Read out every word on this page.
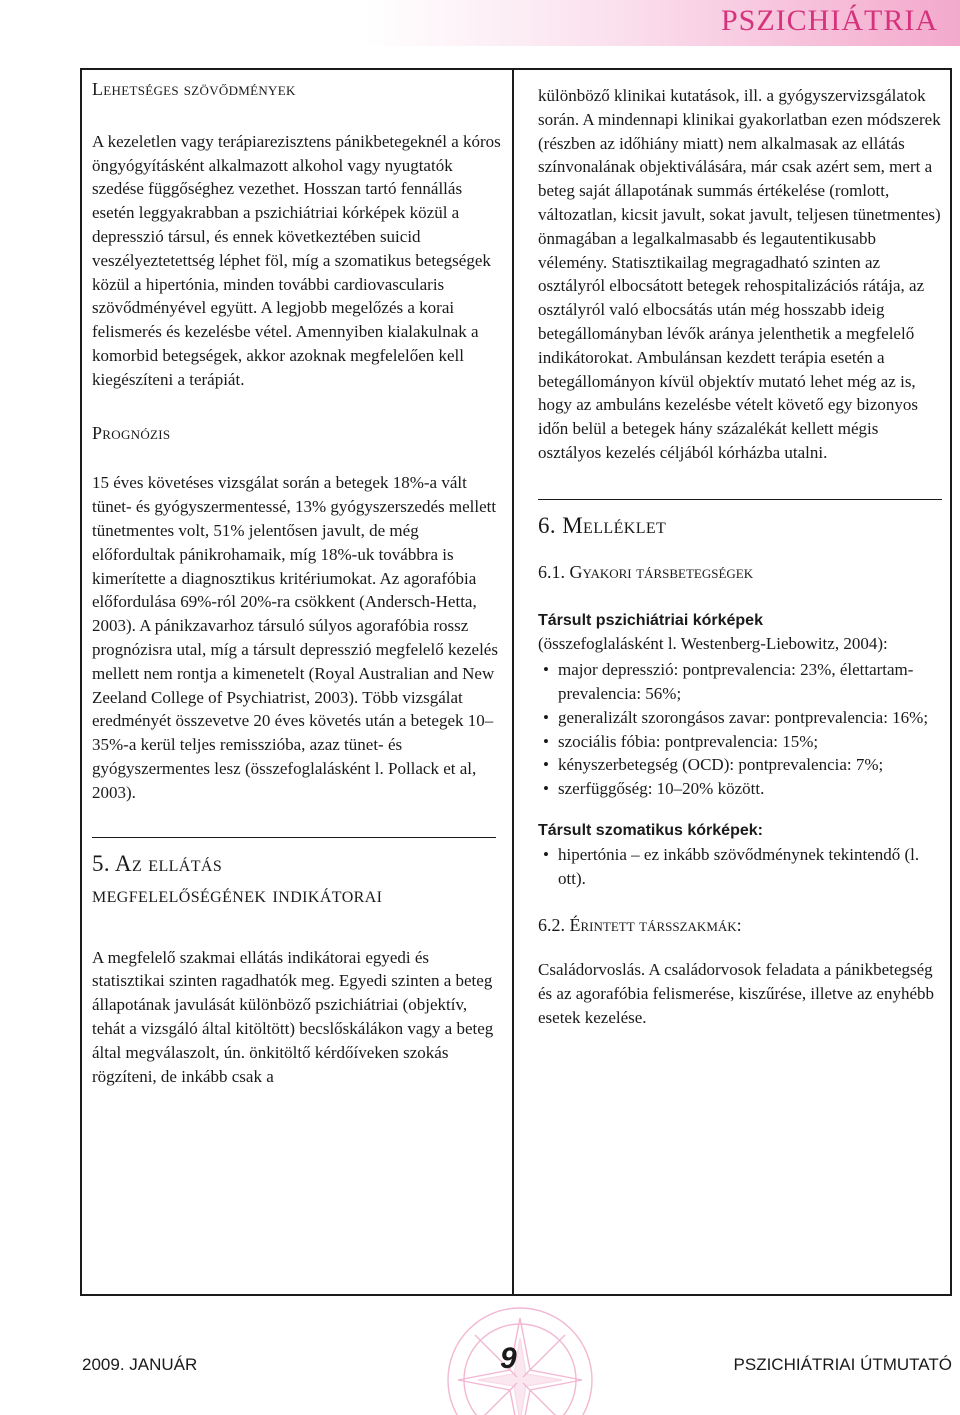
PSZICHIÁTRIA
Lehetséges szövődmények

A kezeletlen vagy terápiarezisztens pánikbetegeknél a kóros öngyógyításként alkalmazott alkohol vagy nyugtatók szedése függőséghez vezethet. Hosszan tartó fennállás esetén leggyakrabban a pszichiátriai kórképek közül a depresszió társul, és ennek következtében suicid veszélyeztetettség léphet föl, míg a szomatikus betegségek közül a hipertónia, minden további cardiovascularis szövődményével együtt. A legjobb megelőzés a korai felismerés és kezelésbe vétel. Amennyiben kialakulnak a komorbid betegségek, akkor azoknak megfelelően kell kiegészíteni a terápiát.

Prognózis

15 éves követéses vizsgálat során a betegek 18%-a vált tünet- és gyógyszermentessé, 13% gyógyszerszedés mellett tünetmentes volt, 51% jelentősen javult, de még előfordultak pánikrohamaik, míg 18%-uk továbbra is kimerítette a diagnosztikus kritériumokat. Az agorafóbia előfordulása 69%-ról 20%-ra csökkent (Andersch-Hetta, 2003). A pánikzavarhoz társuló súlyos agorafóbia rossz prognózisra utal, míg a társult depresszió megfelelő kezelés mellett nem rontja a kimenetelt (Royal Australian and New Zeeland College of Psychiatrist, 2003). Több vizsgálat eredményét összevetve 20 éves követés után a betegek 10–35%-a kerül teljes remisszióba, azaz tünet- és gyógyszermentes lesz (összefoglalásként l. Pollack et al, 2003).

5. Az ellátás megfelelőségének indikátorai

A megfelelő szakmai ellátás indikátorai egyedi és statisztikai szinten ragadhatók meg. Egyedi szinten a beteg állapotának javulását különböző pszichiátriai (objektív, tehát a vizsgáló által kitöltött) becslőskálákon vagy a beteg által megválaszolt, ún. önkitöltő kérdőíveken szokás rögzíteni, de inkább csak a

különböző klinikai kutatások, ill. a gyógyszervizsgálatok során. A mindennapi klinikai gyakorlatban ezen módszerek (részben az időhiány miatt) nem alkalmasak az ellátás színvonalának objektiválására, már csak azért sem, mert a beteg saját állapotának summás értékelése (romlott, változatlan, kicsit javult, sokat javult, teljesen tünetmentes) önmagában a legalkalmasabb és legautentikusabb vélemény. Statisztikailag megragadható szinten az osztályról elbocsátott betegek rehospitalizációs rátája, az osztályról való elbocsátás után még hosszabb ideig betegállományban lévők aránya jelenthetik a megfelelő indikátorokat. Ambulánsan kezdett terápia esetén a betegállományon kívül objektív mutató lehet még az is, hogy az ambuláns kezelésbe vételt követő egy bizonyos időn belül a betegek hány százalékát kellett mégis osztályos kezelés céljából kórházba utalni.

6. Melléklet
6.1. Gyakori társbetegségek
Társult pszichiátriai kórképek

(összefoglalásként l. Westenberg-Liebowitz, 2004):

• major depresszió: pontprevalencia: 23%, élettartam-prevalencia: 56%;
• generalizált szorongásos zavar: pontprevalencia: 16%;
• szociális fóbia: pontprevalencia: 15%;
• kényszerbetegség (OCD): pontprevalencia: 7%;
• szerfüggőség: 10–20% között.
Társult szomatikus kórképek:
• hipertónia – ez inkább szövődménynek tekintendő (l. ott).
6.2. Érintett társszakmák:

Családorvoslás. A családorvosok feladata a pánikbetegség és az agorafóbia felismerése, kiszűrése, illetve az enyhébb esetek kezelése.

2009. JANUÁR	9	PSZICHIÁTRIAI ÚTMUTATÓ
